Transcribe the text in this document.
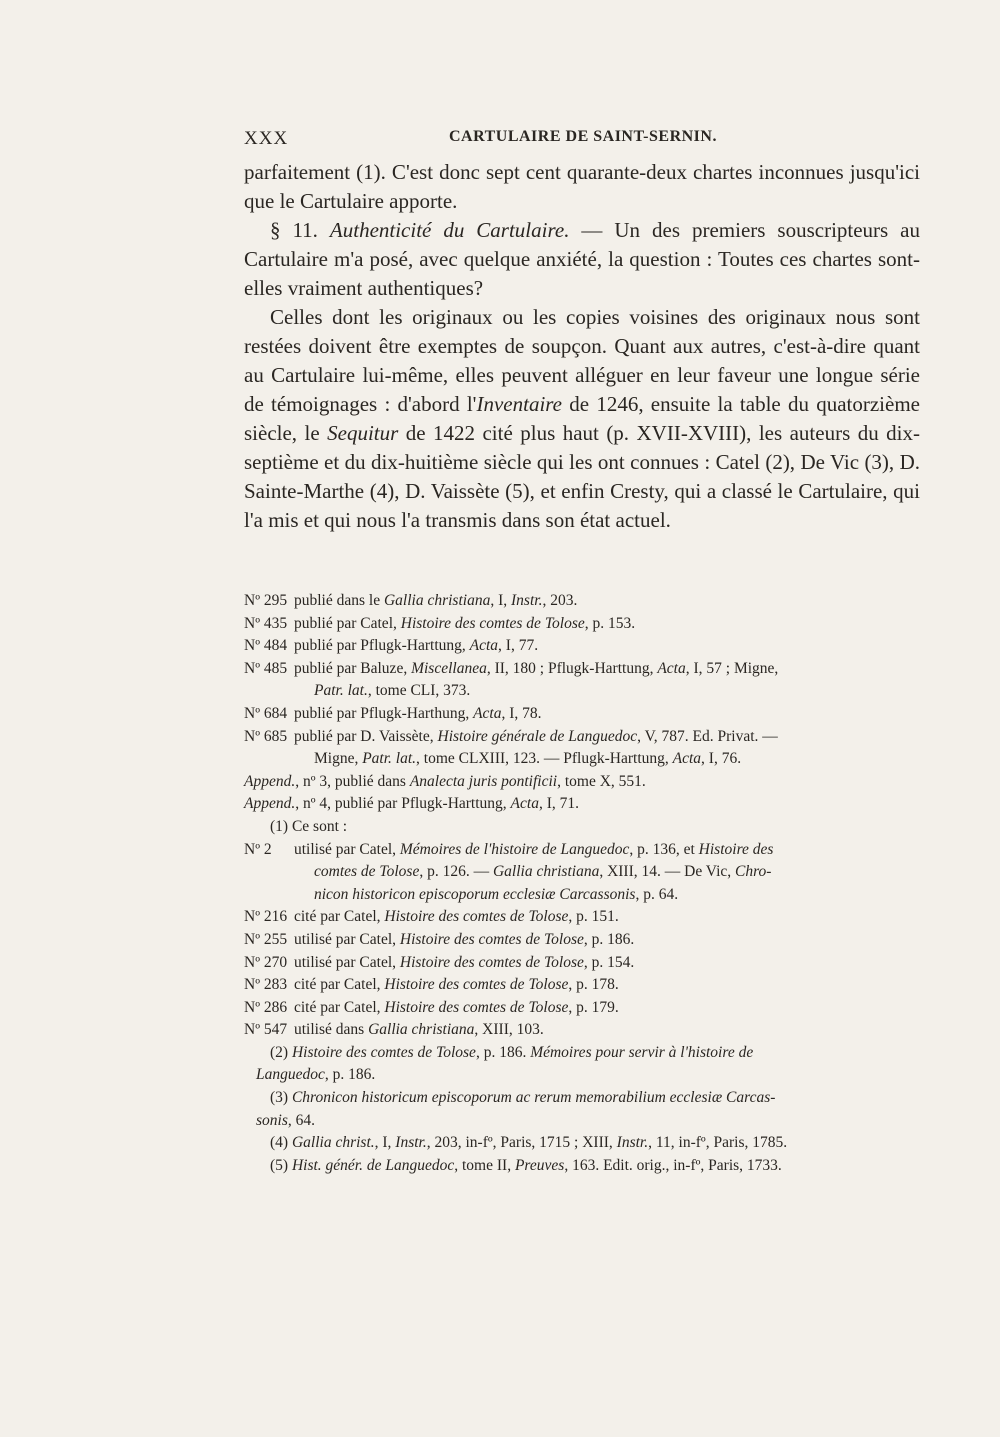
XXX	CARTULAIRE DE SAINT-SERNIN.

parfaitement (1). C'est donc sept cent quarante-deux chartes inconnues jusqu'ici que le Cartulaire apporte.

§ 11. Authenticité du Cartulaire. — Un des premiers souscripteurs au Cartulaire m'a posé, avec quelque anxiété, la question : Toutes ces chartes sont-elles vraiment authentiques?

Celles dont les originaux ou les copies voisines des originaux nous sont restées doivent être exemptes de soupçon. Quant aux autres, c'est-à-dire quant au Cartulaire lui-même, elles peuvent alléguer en leur faveur une longue série de témoignages : d'abord l'Inventaire de 1246, ensuite la table du quatorzième siècle, le Sequitur de 1422 cité plus haut (p. XVII-XVIII), les auteurs du dix-septième et du dix-huitième siècle qui les ont connues : Catel (2), De Vic (3), D. Sainte-Marthe (4), D. Vaissète (5), et enfin Cresty, qui a classé le Cartulaire, qui l'a mis et qui nous l'a transmis dans son état actuel.

Nº 295 publié dans le Gallia christiana, I, Instr., 203.
Nº 435 publié par Catel, Histoire des comtes de Tolose, p. 153.
Nº 484 publié par Pflugk-Harttung, Acta, I, 77.
Nº 485 publié par Baluze, Miscellanea, II, 180 ; Pflugk-Harttung, Acta, I, 57 ; Migne,
Patr. lat., tome CLI, 373.
Nº 684 publié par Pflugk-Harthung, Acta, I, 78.
Nº 685 publié par D. Vaissète, Histoire générale de Languedoc, V, 787. Ed. Privat. —
Migne, Patr. lat., tome CLXIII, 123. — Pflugk-Harttung, Acta, I, 76.

Append., nº 3, publié dans Analecta juris pontificii, tome X, 551.

Append., nº 4, publié par Pflugk-Harttung, Acta, I, 71.

(1) Ce sont :

Nº 2	utilisé par Catel, Mémoires de l'histoire de Languedoc, p. 136, et Histoire des
comtes de Tolose, p. 126. — Gallia christiana, XIII, 14. — De Vic, Chro-
nicon historicon episcoporum ecclesiæ Carcassonis, p. 64.
Nº 216 cité par Catel, Histoire des comtes de Tolose, p. 151.
Nº 255 utilisé par Catel, Histoire des comtes de Tolose, p. 186.
Nº 270 utilisé par Catel, Histoire des comtes de Tolose, p. 154.
Nº 283 cité par Catel, Histoire des comtes de Tolose, p. 178.
Nº 286 cité par Catel, Histoire des comtes de Tolose, p. 179.
Nº 547 utilisé dans Gallia christiana, XIII, 103.

(2) Histoire des comtes de Tolose, p. 186. Mémoires pour servir à l'histoire de
Languedoc, p. 186.

(3) Chronicon historicum episcoporum ac rerum memorabilium ecclesiæ Carcas-
sonis, 64.

(4) Gallia christ., I, Instr., 203, in-fº, Paris, 1715 ; XIII, Instr., 11, in-fº, Paris, 1785.

(5) Hist. génér. de Languedoc, tome II, Preuves, 163. Edit. orig., in-fº, Paris, 1733.
